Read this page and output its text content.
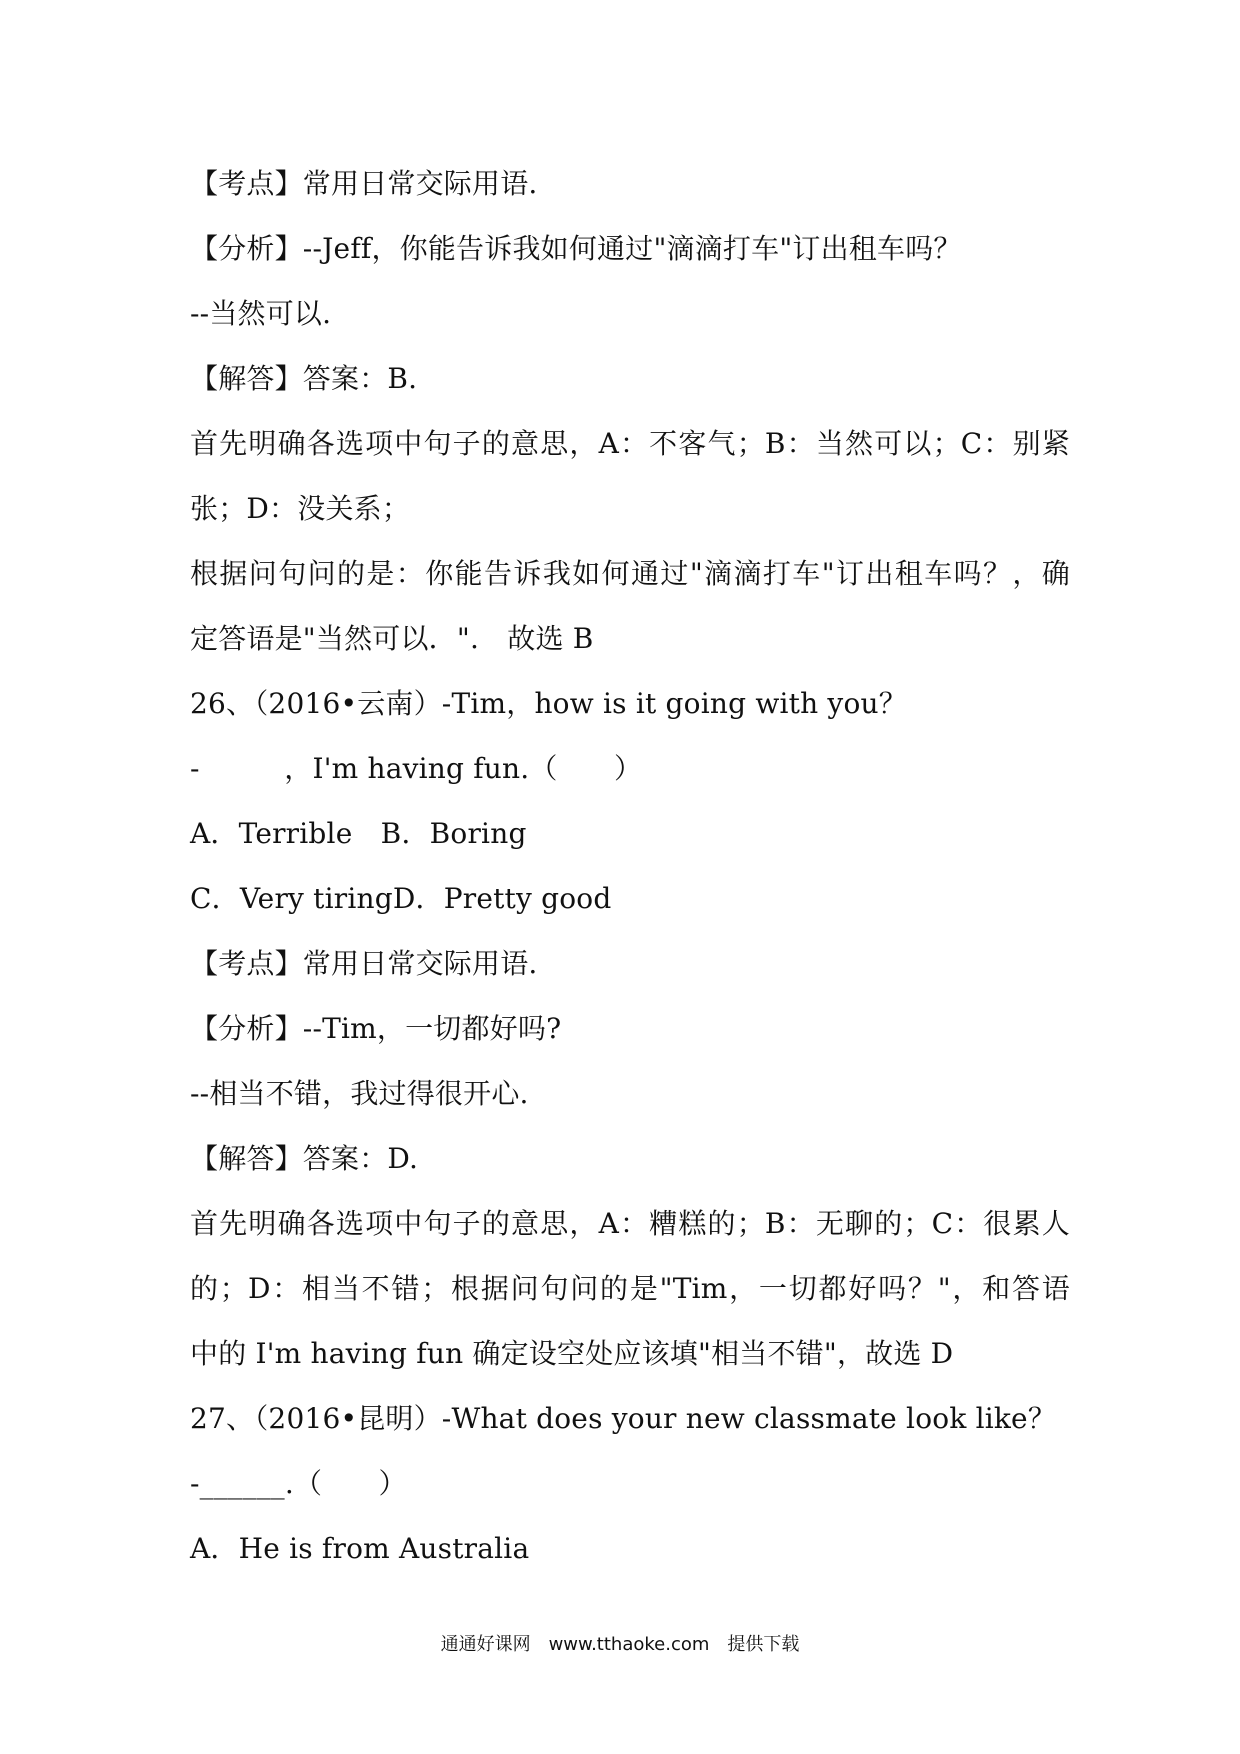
【考点】常用日常交际用语.
【分析】--Jeff，你能告诉我如何通过"滴滴打车"订出租车吗？
--当然可以.
【解答】答案：B.
首先明确各选项中句子的意思，A：不客气；B：当然可以；C：别紧
张；D：没关系；
根据问句问的是：你能告诉我如何通过"滴滴打车"订出租车吗？，确
定答语是"当然可以．".　故选 B
26、（2016•云南）-Tim，how is it going with you？
-　　　，I'm having fun.（　　）
A．Terrible　B．Boring
C．Very tiringD．Pretty good
【考点】常用日常交际用语.
【分析】--Tim，一切都好吗?
--相当不错，我过得很开心.
【解答】答案：D.
首先明确各选项中句子的意思，A：糟糕的；B：无聊的；C：很累人
的；D：相当不错；根据问句问的是"Tim，一切都好吗？"，和答语
中的 I'm having fun 确定设空处应该填"相当不错"，故选 D
27、（2016•昆明）-What does your new classmate look like？
-______.（　　）
A．He is from Australia
通通好课网　www.tthaoke.com　提供下载
